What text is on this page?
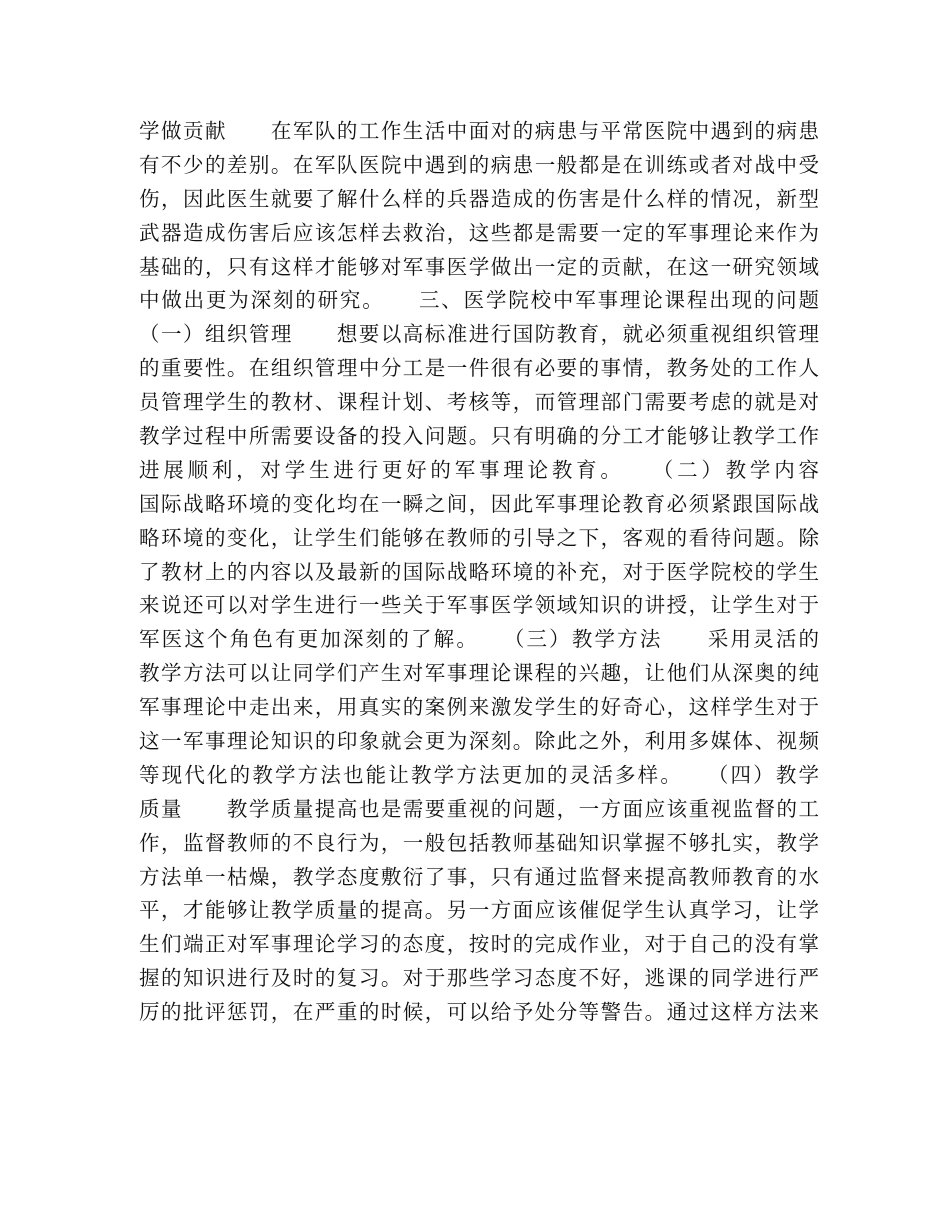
学做贡献　　在军队的工作生活中面对的病患与平常医院中遇到的病患
有不少的差别。在军队医院中遇到的病患一般都是在训练或者对战中受
伤，因此医生就要了解什么样的兵器造成的伤害是什么样的情况，新型
武器造成伤害后应该怎样去救治，这些都是需要一定的军事理论来作为
基础的，只有这样才能够对军事医学做出一定的贡献，在这一研究领域
中做出更为深刻的研究。　　三、医学院校中军事理论课程出现的问题
（一）组织管理　　想要以高标准进行国防教育，就必须重视组织管理
的重要性。在组织管理中分工是一件很有必要的事情，教务处的工作人
员管理学生的教材、课程计划、考核等，而管理部门需要考虑的就是对
教学过程中所需要设备的投入问题。只有明确的分工才能够让教学工作
进展顺利，对学生进行更好的军事理论教育。　　（二）教学内容
国际战略环境的变化均在一瞬之间，因此军事理论教育必须紧跟国际战
略环境的变化，让学生们能够在教师的引导之下，客观的看待问题。除
了教材上的内容以及最新的国际战略环境的补充，对于医学院校的学生
来说还可以对学生进行一些关于军事医学领域知识的讲授，让学生对于
军医这个角色有更加深刻的了解。　　（三）教学方法　　采用灵活的
教学方法可以让同学们产生对军事理论课程的兴趣，让他们从深奥的纯
军事理论中走出来，用真实的案例来激发学生的好奇心，这样学生对于
这一军事理论知识的印象就会更为深刻。除此之外，利用多媒体、视频
等现代化的教学方法也能让教学方法更加的灵活多样。　　（四）教学
质量　　教学质量提高也是需要重视的问题，一方面应该重视监督的工
作，监督教师的不良行为，一般包括教师基础知识掌握不够扎实，教学
方法单一枯燥，教学态度敷衍了事，只有通过监督来提高教师教育的水
平，才能够让教学质量的提高。另一方面应该催促学生认真学习，让学
生们端正对军事理论学习的态度，按时的完成作业，对于自己的没有掌
握的知识进行及时的复习。对于那些学习态度不好，逃课的同学进行严
厉的批评惩罚，在严重的时候，可以给予处分等警告。通过这样方法来
